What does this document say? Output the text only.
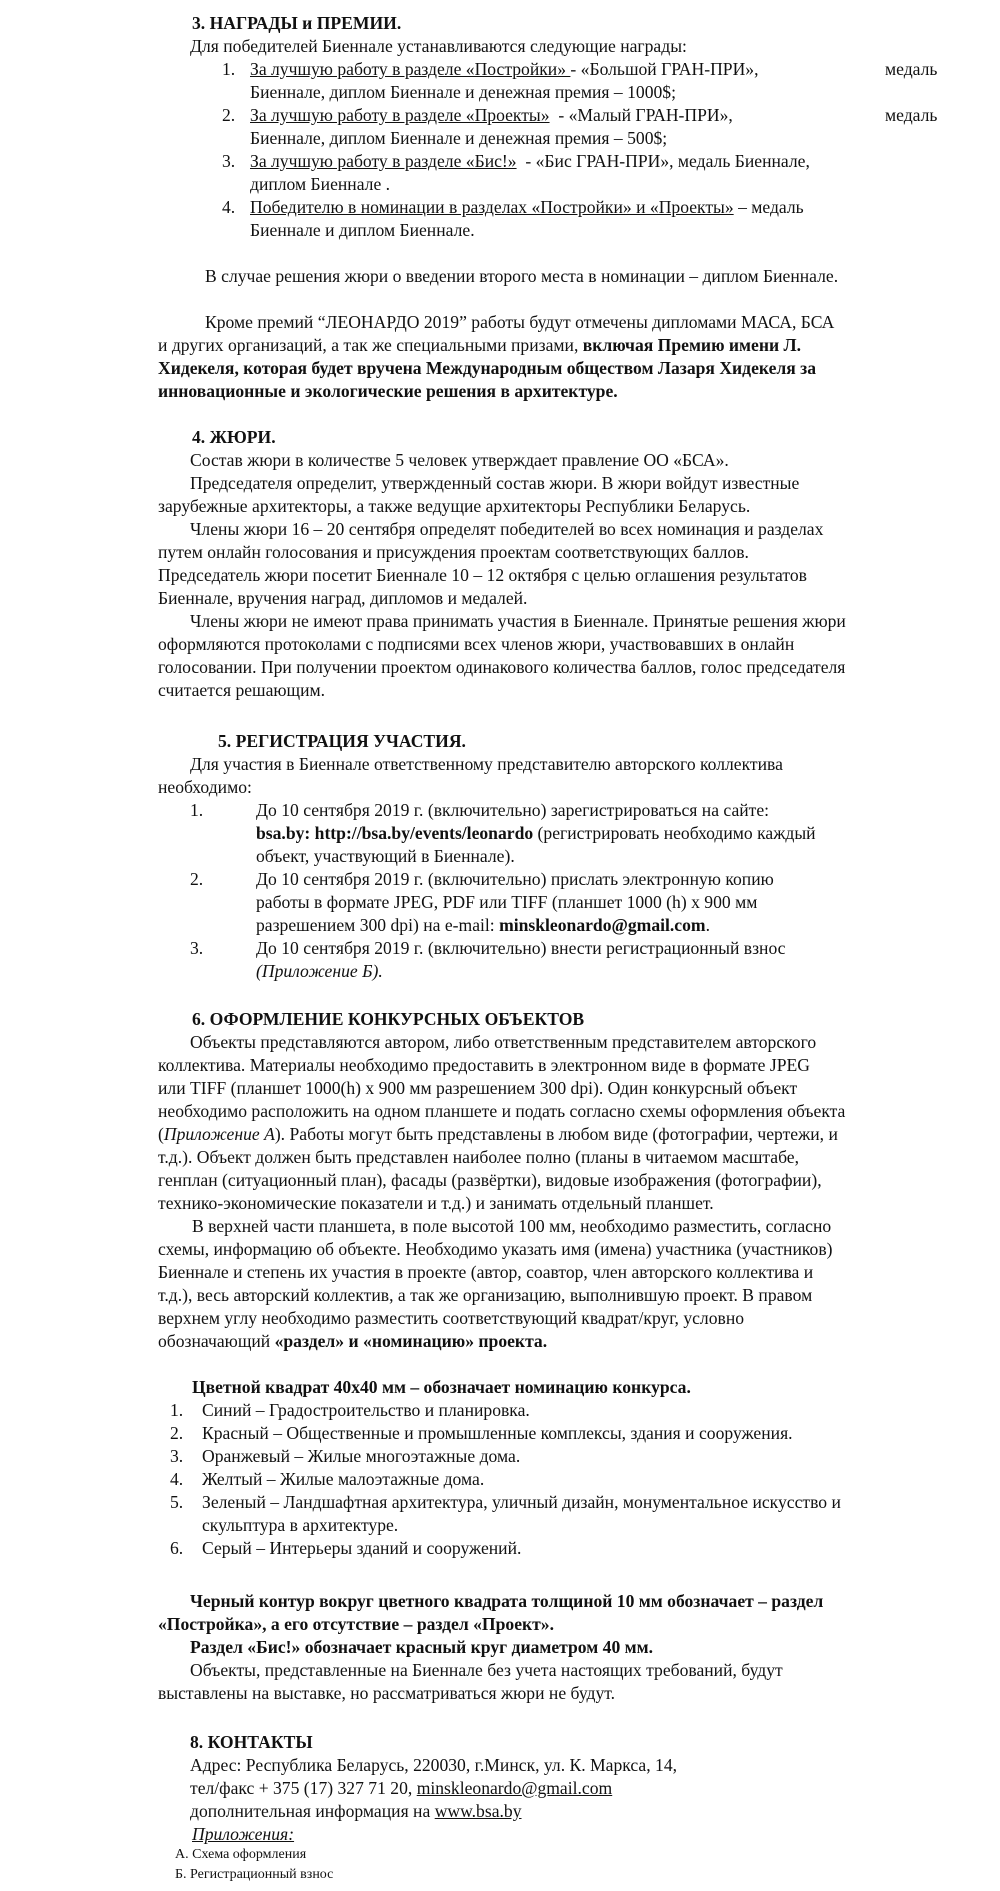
3. НАГРАДЫ и ПРЕМИИ.
Для победителей Биеннале устанавливаются следующие награды:
1. За лучшую работу в разделе «Постройки» - «Большой ГРАН-ПРИ»,	медаль
Биеннале, диплом Биеннале и денежная премия – 1000$;
2. За лучшую работу в разделе «Проекты» - «Малый ГРАН-ПРИ»,	медаль
Биеннале, диплом Биеннале и денежная премия – 500$;
3. За лучшую работу в разделе «Бис!» - «Бис ГРАН-ПРИ», медаль Биеннале,
диплом Биеннале .
4. Победителю в номинации в разделах «Постройки» и «Проекты» – медаль
Биеннале и диплом Биеннале.
В случае решения жюри о введении второго места в номинации – диплом Биеннале.
Кроме премий “ЛЕОНАРДО 2019” работы будут отмечены дипломами МАСА, БСА
и других организаций, а так же специальными призами, включая Премию имени Л.
Хидекеля, которая будет вручена Международным обществом Лазаря Хидекеля за
инновационные и экологические решения в архитектуре.
4. ЖЮРИ.
Состав жюри в количестве 5 человек утверждает правление ОО «БСА».
Председателя определит, утвержденный состав жюри. В жюри войдут известные
зарубежные архитекторы, а также ведущие архитекторы Республики Беларусь.
Члены жюри 16 – 20 сентября определят победителей во всех номинация и разделах
путем онлайн голосования и присуждения проектам соответствующих баллов.
Председатель жюри посетит Биеннале 10 – 12 октября с целью оглашения результатов
Биеннале, вручения наград, дипломов и медалей.
Члены жюри не имеют права принимать участия в Биеннале. Принятые решения жюри
оформляются протоколами с подписями всех членов жюри, участвовавших в онлайн
голосовании. При получении проектом одинакового количества баллов, голос председателя
считается решающим.
5. РЕГИСТРАЦИЯ УЧАСТИЯ.
Для участия в Биеннале ответственному представителю авторского коллектива
необходимо:
1.	До 10 сентября 2019 г. (включительно) зарегистрироваться на сайте:
bsa.by: http://bsa.by/events/leonardo (регистрировать необходимо каждый
объект, участвующий в Биеннале).
2.	До 10 сентября 2019 г. (включительно) прислать электронную копию
работы в формате JPEG, PDF или TIFF (планшет 1000 (h) x 900 мм
разрешением 300 dpi) на e-mail: minskleonardo@gmail.com.
3.	До 10 сентября 2019 г. (включительно) внести регистрационный взнос
(Приложение Б).
6. ОФОРМЛЕНИЕ КОНКУРСНЫХ ОБЪЕКТОВ
Объекты представляются автором, либо ответственным представителем авторского
коллектива. Материалы необходимо предоставить в электронном виде в формате JPEG
или TIFF (планшет 1000(h) x 900 мм разрешением 300 dpi). Один конкурсный объект
необходимо расположить на одном планшете и подать согласно схемы оформления объекта
(Приложение А). Работы могут быть представлены в любом виде (фотографии, чертежи, и
т.д.). Объект должен быть представлен наиболее полно (планы в читаемом масштабе,
генплан (ситуационный план), фасады (развёртки), видовые изображения (фотографии),
технико-экономические показатели и т.д.) и занимать отдельный планшет.
В верхней части планшета, в поле высотой 100 мм, необходимо разместить, согласно
схемы, информацию об объекте. Необходимо указать имя (имена) участника (участников)
Биеннале и степень их участия в проекте (автор, соавтор, член авторского коллектива и
т.д.), весь авторский коллектив, а так же организацию, выполнившую проект. В правом
верхнем углу необходимо разместить соответствующий квадрат/круг, условно
обозначающий «раздел» и «номинацию» проекта.
Цветной квадрат 40х40 мм – обозначает номинацию конкурса.
1. Синий – Градостроительство и планировка.
2. Красный – Общественные и промышленные комплексы, здания и сооружения.
3. Оранжевый – Жилые многоэтажные дома.
4. Желтый – Жилые малоэтажные дома.
5. Зеленый – Ландшафтная архитектура, уличный дизайн, монументальное искусство и
скульптура в архитектуре.
6. Серый – Интерьеры зданий и сооружений.
Черный контур вокруг цветного квадрата толщиной 10 мм обозначает – раздел
«Постройка», а его отсутствие – раздел «Проект».
Раздел «Бис!» обозначает красный круг диаметром 40 мм.
Объекты, представленные на Биеннале без учета настоящих требований, будут
выставлены на выставке, но рассматриваться жюри не будут.
8. КОНТАКТЫ
Адрес: Республика Беларусь, 220030, г.Минск, ул. К. Маркса, 14,
тел/факс + 375 (17) 327 71 20, minskleonardo@gmail.com
дополнительная информация на www.bsa.by
Приложения:
А. Схема оформления
Б. Регистрационный взнос
